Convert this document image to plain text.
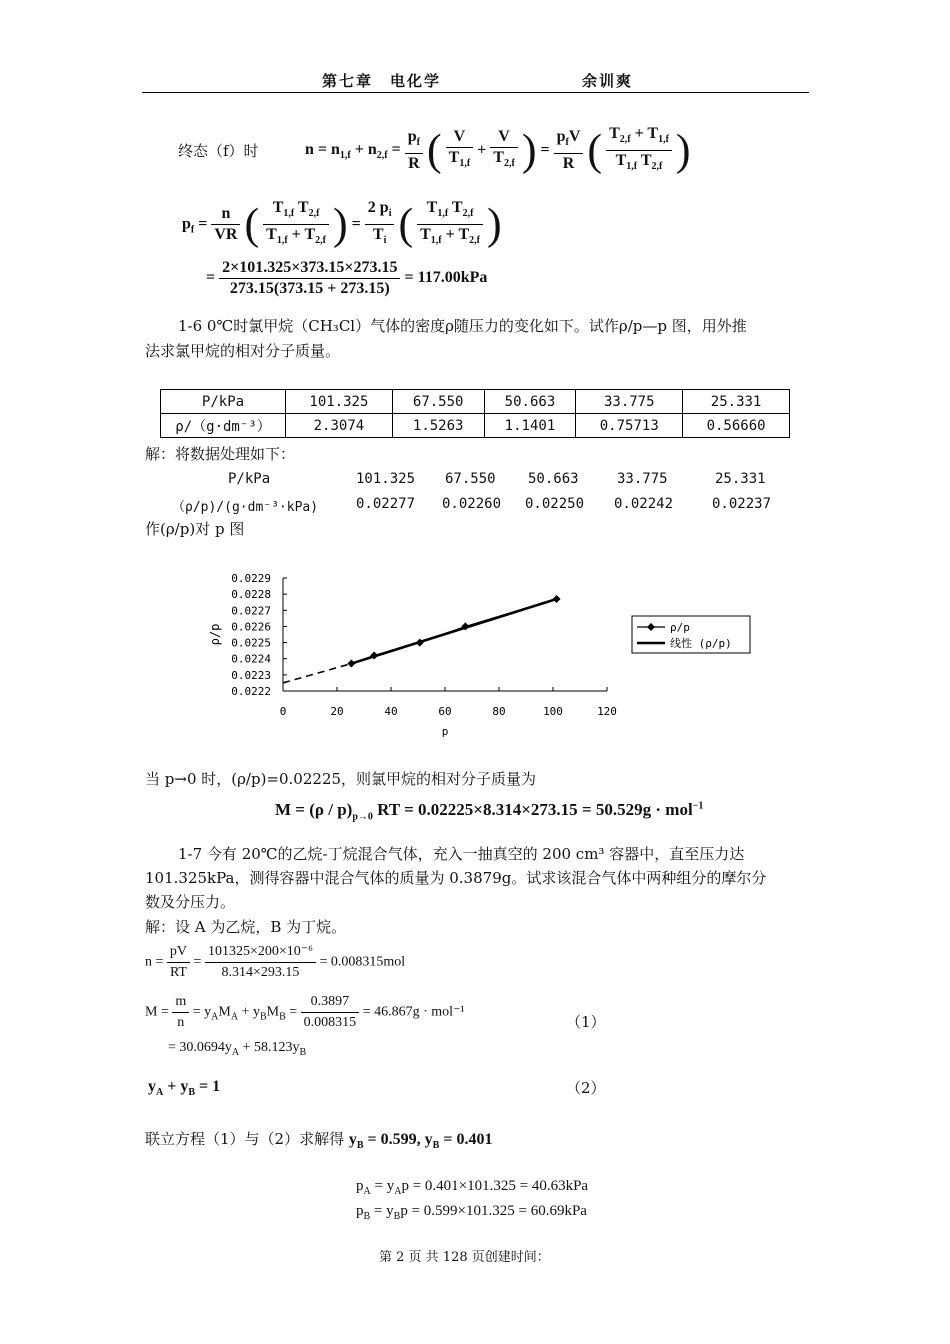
第七章　电化学	余训爽
终态（f）时	$n = n_{1,f} + n_{2,f} = \frac{p_f}{R}$ ( $\frac{V}{T_{1,f}} + \frac{V}{T_{2,f}}$ ) = $\frac{p_fV}{R}$ ( $\frac{T_{2,f} + T_{1,f}}{T_{1,f} T_{2,f}}$ )
$p_f = \frac{n}{VR}$ ( $\frac{T_{1,f} T_{2,f}}{T_{1,f} + T_{2,f}}$ ) = $\frac{2 p_i}{T_i}$ ( $\frac{T_{1,f} T_{2,f}}{T_{1,f} + T_{2,f}}$ )
= $\frac{2\times 101.325\times 373.15\times 273.15}{273.15(373.15 + 273.15)} = 117.00kPa$
1-6 0℃时氯甲烷（CH₃Cl）气体的密度ρ随压力的变化如下。试作ρ/p—p 图，用外推
法求氯甲烷的相对分子质量。
P/kPa	101.325	67.550	50.663	33.775	25.331
ρ/（g·dm⁻³）	2.3074	1.5263	1.1401	0.75713	0.56660
解：将数据处理如下：
P/kPa	101.325 67.550 50.663	33.775	25.331
（ρ/p)/(g·dm⁻³·kPa)	0.02277 0.02260 0.02250 0.02242	0.02237
作(ρ/p)对 p 图
0.0222
0.0223
0.0224
0.0225
0.0226
0.0227
0.0228
0.0229
0	20	40	60	80	100	120
p
ρ/p	ρ/p
线性 (ρ/p)
当 p→0 时，(ρ/p)=0.02225，则氯甲烷的相对分子质量为
$M = (\rho / p)_{p\to 0}$ RT = 0.02225×8.314×273.15 = 50.529g · mol$^{-1}$
1-7 今有 20℃的乙烷-丁烷混合气体，充入一抽真空的 200 cm³ 容器中，直至压力达
101.325kPa，测得容器中混合气体的质量为 0.3879g。试求该混合气体中两种组分的摩尔分
数及分压力。
解：设 A 为乙烷，B 为丁烷。
$n = \frac{pV}{RT} = \frac{\text{101325×200×10⁻⁶}}{8.314\times 293.15} = 0.008315mol$
$M = \frac{m}{n} = y_AM_A + y_BM_B = \frac{0.3897}{0.008315} = 46.867g \cdot mol^{-1}$
（1）
= $30.0694y_A + 58.123y_B$
$y_A + y_B = 1$	（2）
联立方程（1）与（2）求解得 $y_B = 0.599$, $y_B = 0.401$
$p_A = y_Ap = 0.401\times 101.325 = 40.63kPa$
$p_B = y_Bp = 0.599\times 101.325 = 60.69kPa$
第 2 页 共 128 页创建时间：
